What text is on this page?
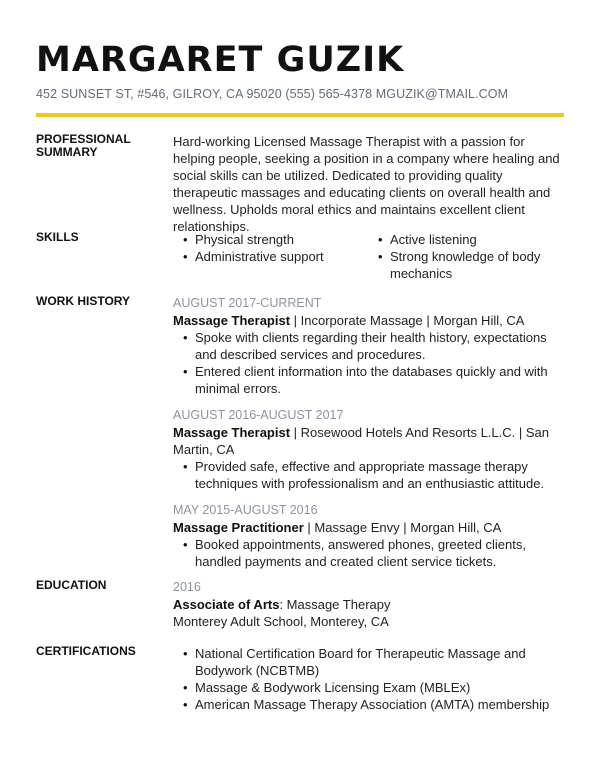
MARGARET GUZIK
452 SUNSET ST, #546, GILROY, CA 95020 (555) 565-4378 MGUZIK@TMAIL.COM
PROFESSIONAL SUMMARY

Hard-working Licensed Massage Therapist with a passion for helping people, seeking a position in a company where healing and social skills can be utilized. Dedicated to providing quality therapeutic massages and educating clients on overall health and wellness. Upholds moral ethics and maintains excellent client relationships.

SKILLS	• Physical strength
• Administrative support
• Active listening
• Strong knowledge of body mechanics
WORK HISTORY	AUGUST 2017-CURRENT
Massage Therapist | Incorporate Massage | Morgan Hill, CA
• Spoke with clients regarding their health history, expectations and described services and procedures.
• Entered client information into the databases quickly and with minimal errors.
AUGUST 2016-AUGUST 2017
Massage Therapist | Rosewood Hotels And Resorts L.L.C. | San Martin, CA
• Provided safe, effective and appropriate massage therapy techniques with professionalism and an enthusiastic attitude.
MAY 2015-AUGUST 2016
Massage Practitioner | Massage Envy | Morgan Hill, CA
• Booked appointments, answered phones, greeted clients, handled payments and created client service tickets.
EDUCATION	2016
Associate of Arts: Massage Therapy
Monterey Adult School, Monterey, CA
CERTIFICATIONS	• National Certification Board for Therapeutic Massage and Bodywork (NCBTMB)
• Massage & Bodywork Licensing Exam (MBLEx)
• American Massage Therapy Association (AMTA) membership
